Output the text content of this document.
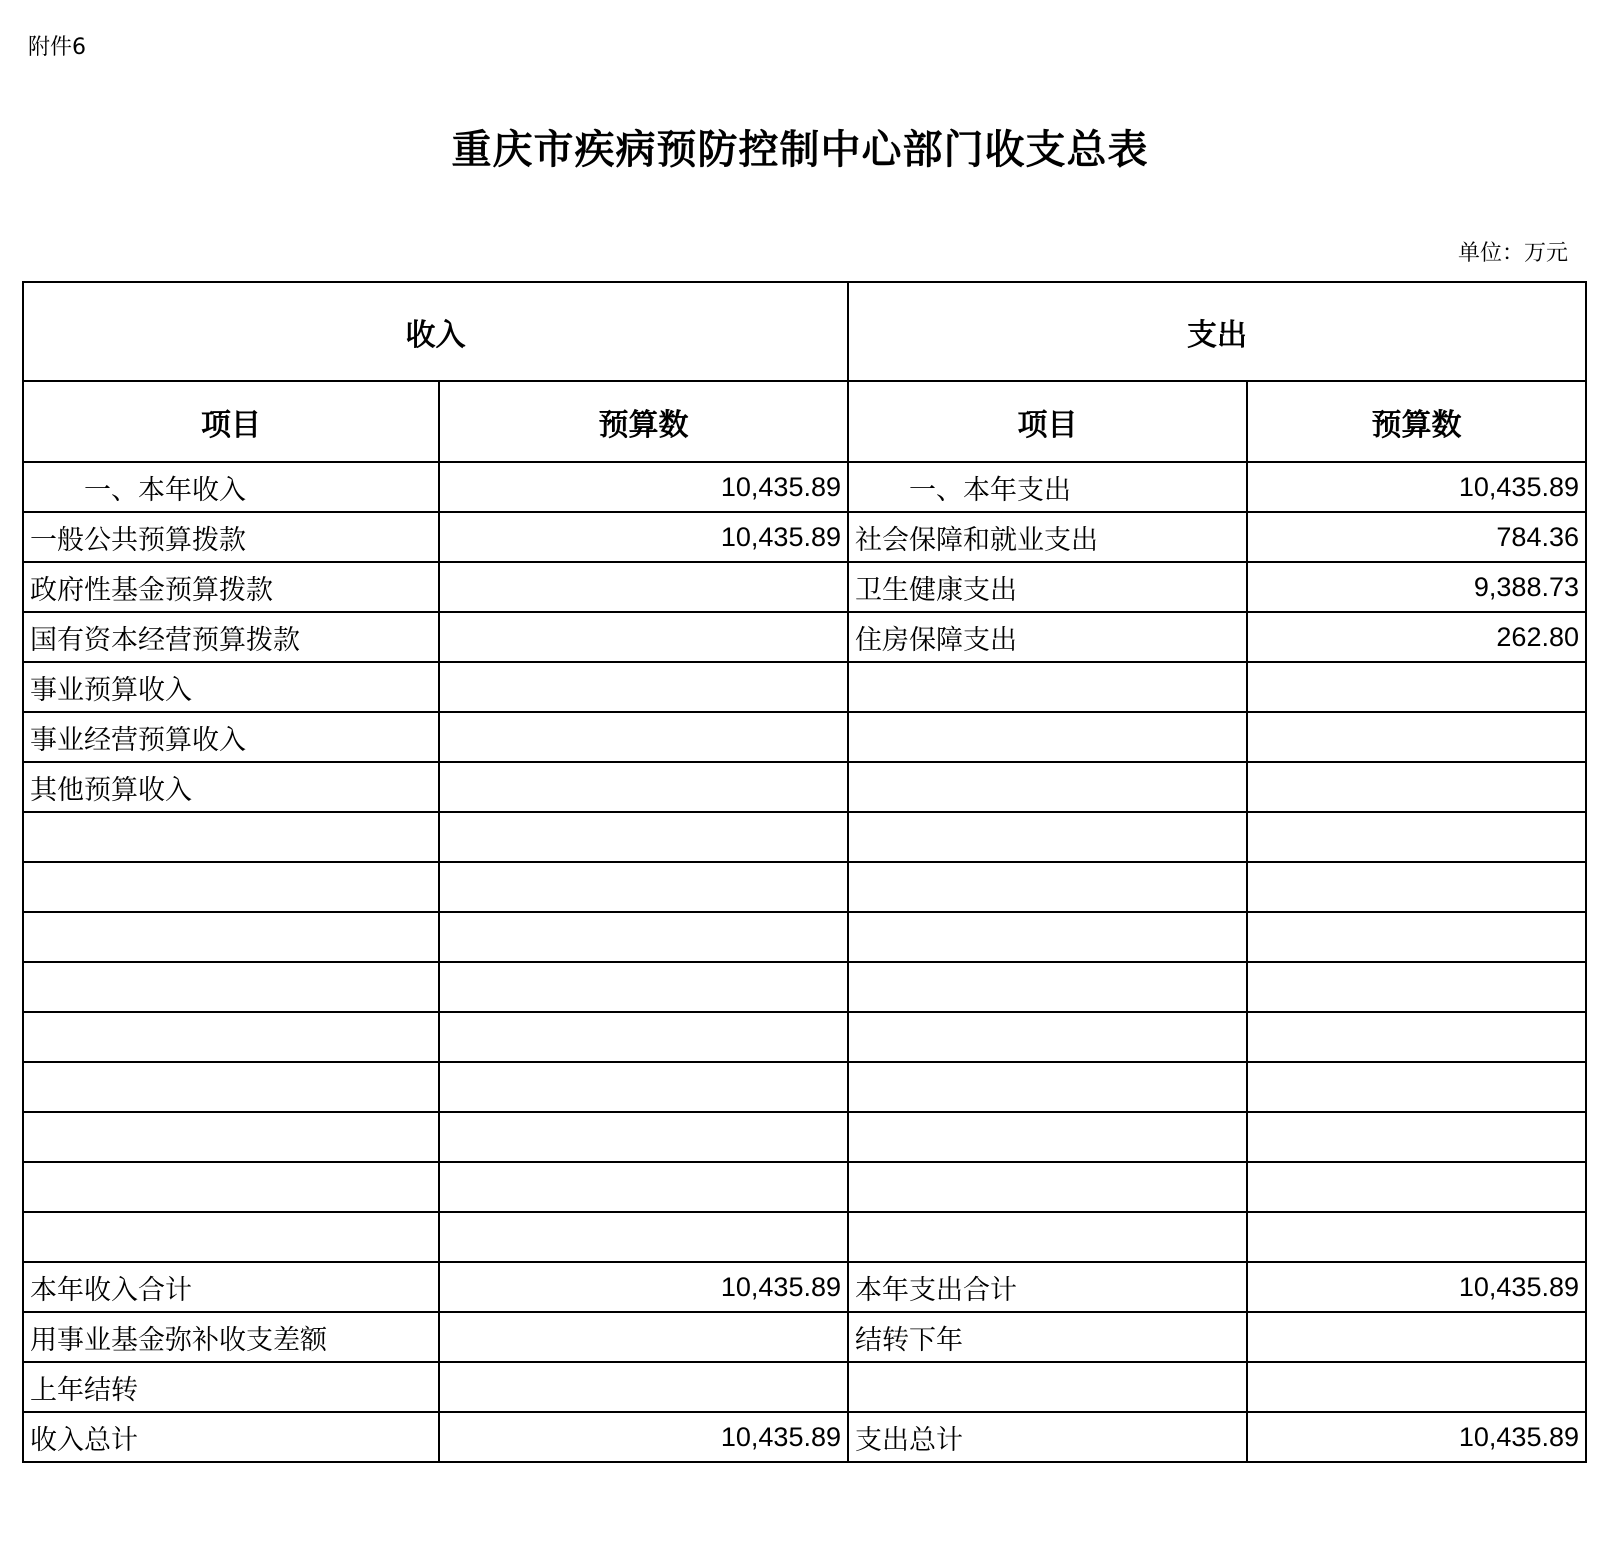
附件6
重庆市疾病预防控制中心部门收支总表
单位：万元
收入		支出	
项目	预算数	项目	预算数
一、本年收入	10,435.89	一、本年支出	10,435.89
一般公共预算拨款	10,435.89	社会保障和就业支出	784.36
政府性基金预算拨款		卫生健康支出	9,388.73
国有资本经营预算拨款		住房保障支出	262.80
事业预算收入			
事业经营预算收入			
其他预算收入			

本年收入合计	10,435.89	本年支出合计	10,435.89
用事业基金弥补收支差额		结转下年	
上年结转			
收入总计	10,435.89	支出总计	10,435.89
